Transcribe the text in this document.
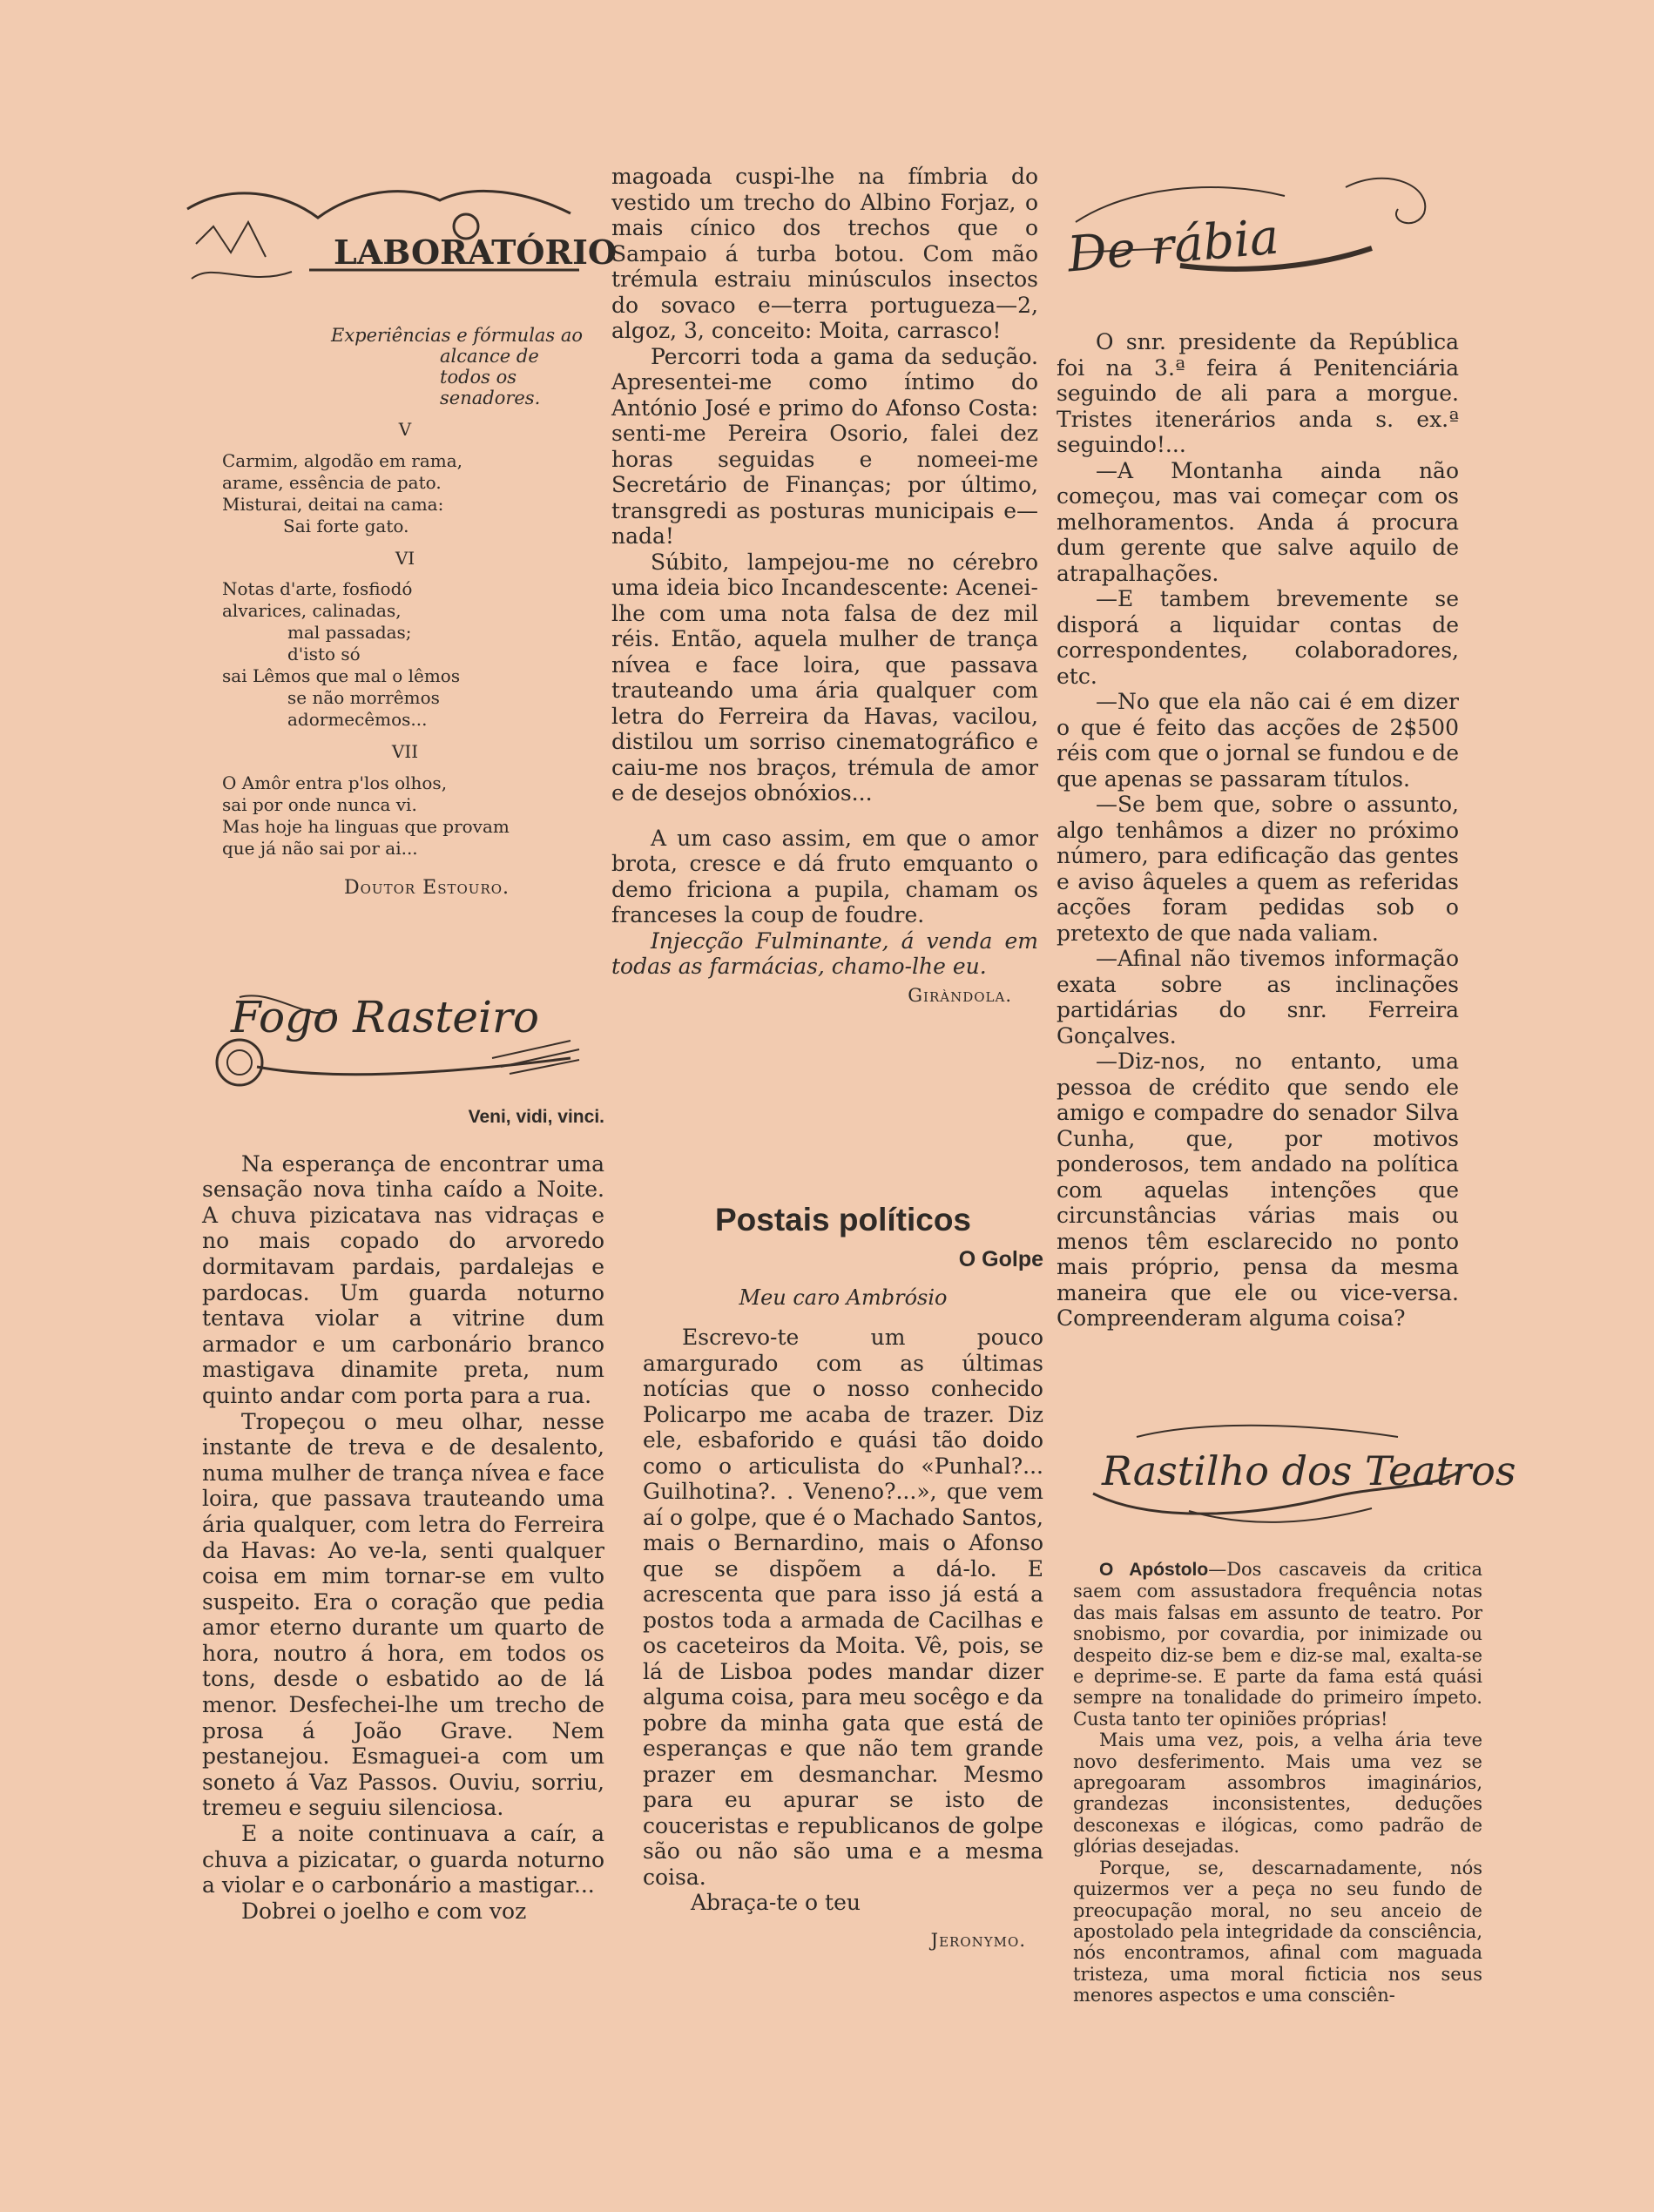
LABORATÓRIO
Experiências e fórmulas ao alcance de todos os senadores.
V
Carmim, algodão em rama,
arame, essência de pato.
Misturai, deitai na cama:
Sai forte gato.
VI
Notas d'arte, fosfiodó
alvarices, calinadas,
mal passadas;
d'isto só
sai Lêmos que mal o lêmos
se não morrêmos
adormecêmos...
VII
O Amôr entra p'los olhos,
sai por onde nunca vi.
Mas hoje ha linguas que provam
que já não sai por ai...
Doutor Estouro.
Fogo Rasteiro
Veni, vidi, vinci.

Na esperança de encontrar uma sensação nova tinha caído a Noite. A chuva pizicatava nas vidraças e no mais copado do arvoredo dormitavam pardais, pardalejas e pardocas. Um guarda noturno tentava violar a vitrine dum armador e um carbonário branco mastigava dinamite preta, num quinto andar com porta para a rua.

Tropeçou o meu olhar, nesse instante de treva e de desalento, numa mulher de trança nívea e face loira, que passava trauteando uma ária qualquer, com letra do Ferreira da Havas: Ao ve-la, senti qualquer coisa em mim tornar-se em vulto suspeito. Era o coração que pedia amor eterno durante um quarto de hora, noutro á hora, em todos os tons, desde o esbatido ao de lá menor. Desfechei-lhe um trecho de prosa á João Grave. Nem pestanejou. Esmaguei-a com um soneto á Vaz Passos. Ouviu, sorriu, tremeu e seguiu silenciosa.

E a noite continuava a caír, a chuva a pizicatar, o guarda noturno a violar e o carbonário a mastigar...

Dobrei o joelho e com voz

magoada cuspi-lhe na fímbria do vestido um trecho do Albino Forjaz, o mais cínico dos trechos que o Sampaio á turba botou. Com mão trémula estraiu minúsculos insectos do sovaco e—terra portugueza—2, algoz, 3, conceito: Moita, carrasco!

Percorri toda a gama da sedução. Apresentei-me como íntimo do António José e primo do Afonso Costa: senti-me Pereira Osorio, falei dez horas seguidas e nomeei-me Secretário de Finanças; por último, transgredi as posturas municipais e—nada!

Súbito, lampejou-me no cérebro uma ideia bico Incandescente: Acenei-lhe com uma nota falsa de dez mil réis. Então, aquela mulher de trança nívea e face loira, que passava trauteando uma ária qualquer com letra do Ferreira da Havas, vacilou, distilou um sorriso cinematográfico e caiu-me nos braços, trémula de amor e de desejos obnóxios...

A um caso assim, em que o amor brota, cresce e dá fruto emquanto o demo friciona a pupila, chamam os franceses la coup de foudre.

Injecção Fulminante, á venda em todas as farmácias, chamo-lhe eu.

Giràndola.
Postais políticos
O Golpe
Meu caro Ambrósio

Escrevo-te um pouco amargurado com as últimas notícias que o nosso conhecido Policarpo me acaba de trazer. Diz ele, esbaforido e quási tão doido como o articulista do «Punhal?... Guilhotina?. . Veneno?...», que vem aí o golpe, que é o Machado Santos, mais o Bernardino, mais o Afonso que se dispõem a dá-lo. E acrescenta que para isso já está a postos toda a armada de Cacilhas e os caceteiros da Moita. Vê, pois, se lá de Lisboa podes mandar dizer alguma coisa, para meu socêgo e da pobre da minha gata que está de esperanças e que não tem grande prazer em desmanchar. Mesmo para eu apurar se isto de couceristas e republicanos de golpe são ou não são uma e a mesma coisa.

Abraça-te o teu

Jeronymo.
De rábia

O snr. presidente da República foi na 3.ª feira á Penitenciária seguindo de ali para a morgue. Tristes itenerários anda s. ex.ª seguindo!...

—A Montanha ainda não começou, mas vai começar com os melhoramentos. Anda á procura dum gerente que salve aquilo de atrapalhações.

—E tambem brevemente se disporá a liquidar contas de correspondentes, colaboradores, etc.

—No que ela não cai é em dizer o que é feito das acções de 2$500 réis com que o jornal se fundou e de que apenas se passaram títulos.

—Se bem que, sobre o assunto, algo tenhâmos a dizer no próximo número, para edificação das gentes e aviso âqueles a quem as referidas acções foram pedidas sob o pretexto de que nada valiam.

—Afinal não tivemos informação exata sobre as inclinações partidárias do snr. Ferreira Gonçalves.

—Diz-nos, no entanto, uma pessoa de crédito que sendo ele amigo e compadre do senador Silva Cunha, que, por motivos ponderosos, tem andado na política com aquelas intenções que circunstâncias várias mais ou menos têm esclarecido no ponto mais próprio, pensa da mesma maneira que ele ou vice-versa. Compreenderam alguma coisa?

Rastilho dos Teatros

O Apóstolo—Dos cascaveis da critica saem com assustadora frequência notas das mais falsas em assunto de teatro. Por snobismo, por covardia, por inimizade ou despeito diz-se bem e diz-se mal, exalta-se e deprime-se. E parte da fama está quási sempre na tonalidade do primeiro ímpeto. Custa tanto ter opiniões próprias!

Mais uma vez, pois, a velha ária teve novo desferimento. Mais uma vez se apregoaram assombros imaginários, grandezas inconsistentes, deduções desconexas e ilógicas, como padrão de glórias desejadas.

Porque, se, descarnadamente, nós quizermos ver a peça no seu fundo de preocupação moral, no seu anceio de apostolado pela integridade da consciência, nós encontramos, afinal com maguada tristeza, uma moral ficticia nos seus menores aspectos e uma consciên-
